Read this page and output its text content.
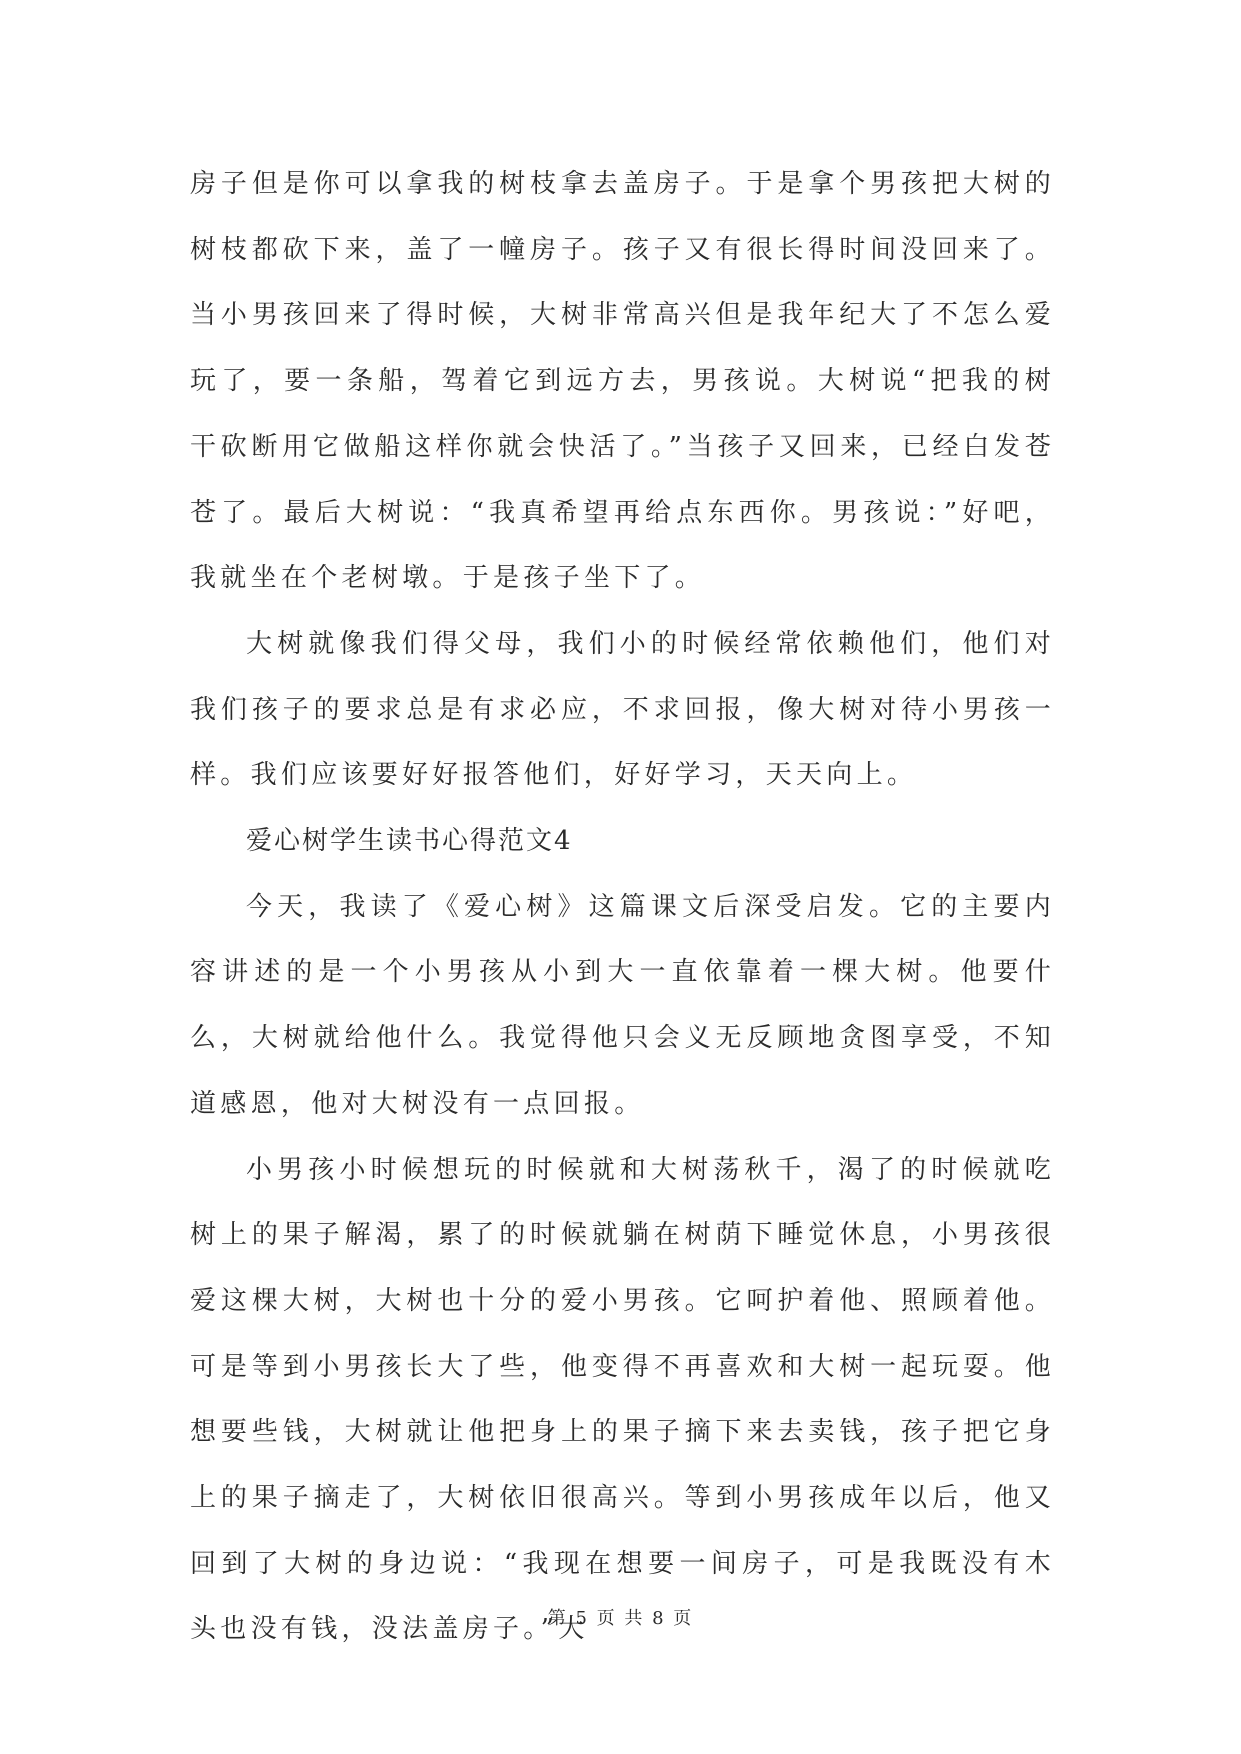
房子但是你可以拿我的树枝拿去盖房子。于是拿个男孩把大树的树枝都砍下来，盖了一幢房子。孩子又有很长得时间没回来了。当小男孩回来了得时候，大树非常高兴但是我年纪大了不怎么爱玩了，要一条船，驾着它到远方去，男孩说。大树说“把我的树干砍断用它做船这样你就会快活了。”当孩子又回来，已经白发苍苍了。最后大树说：“我真希望再给点东西你。男孩说：”好吧，我就坐在个老树墩。于是孩子坐下了。

大树就像我们得父母，我们小的时候经常依赖他们，他们对我们孩子的要求总是有求必应，不求回报，像大树对待小男孩一样。我们应该要好好报答他们，好好学习，天天向上。

爱心树学生读书心得范文4

今天，我读了《爱心树》这篇课文后深受启发。它的主要内容讲述的是一个小男孩从小到大一直依靠着一棵大树。他要什么，大树就给他什么。我觉得他只会义无反顾地贪图享受，不知道感恩，他对大树没有一点回报。

小男孩小时候想玩的时候就和大树荡秋千，渴了的时候就吃树上的果子解渴，累了的时候就躺在树荫下睡觉休息，小男孩很爱这棵大树，大树也十分的爱小男孩。它呵护着他、照顾着他。可是等到小男孩长大了些，他变得不再喜欢和大树一起玩耍。他想要些钱，大树就让他把身上的果子摘下来去卖钱，孩子把它身上的果子摘走了，大树依旧很高兴。等到小男孩成年以后，他又回到了大树的身边说：“我现在想要一间房子，可是我既没有木头也没有钱，没法盖房子。”大

第 5 页 共 8 页
